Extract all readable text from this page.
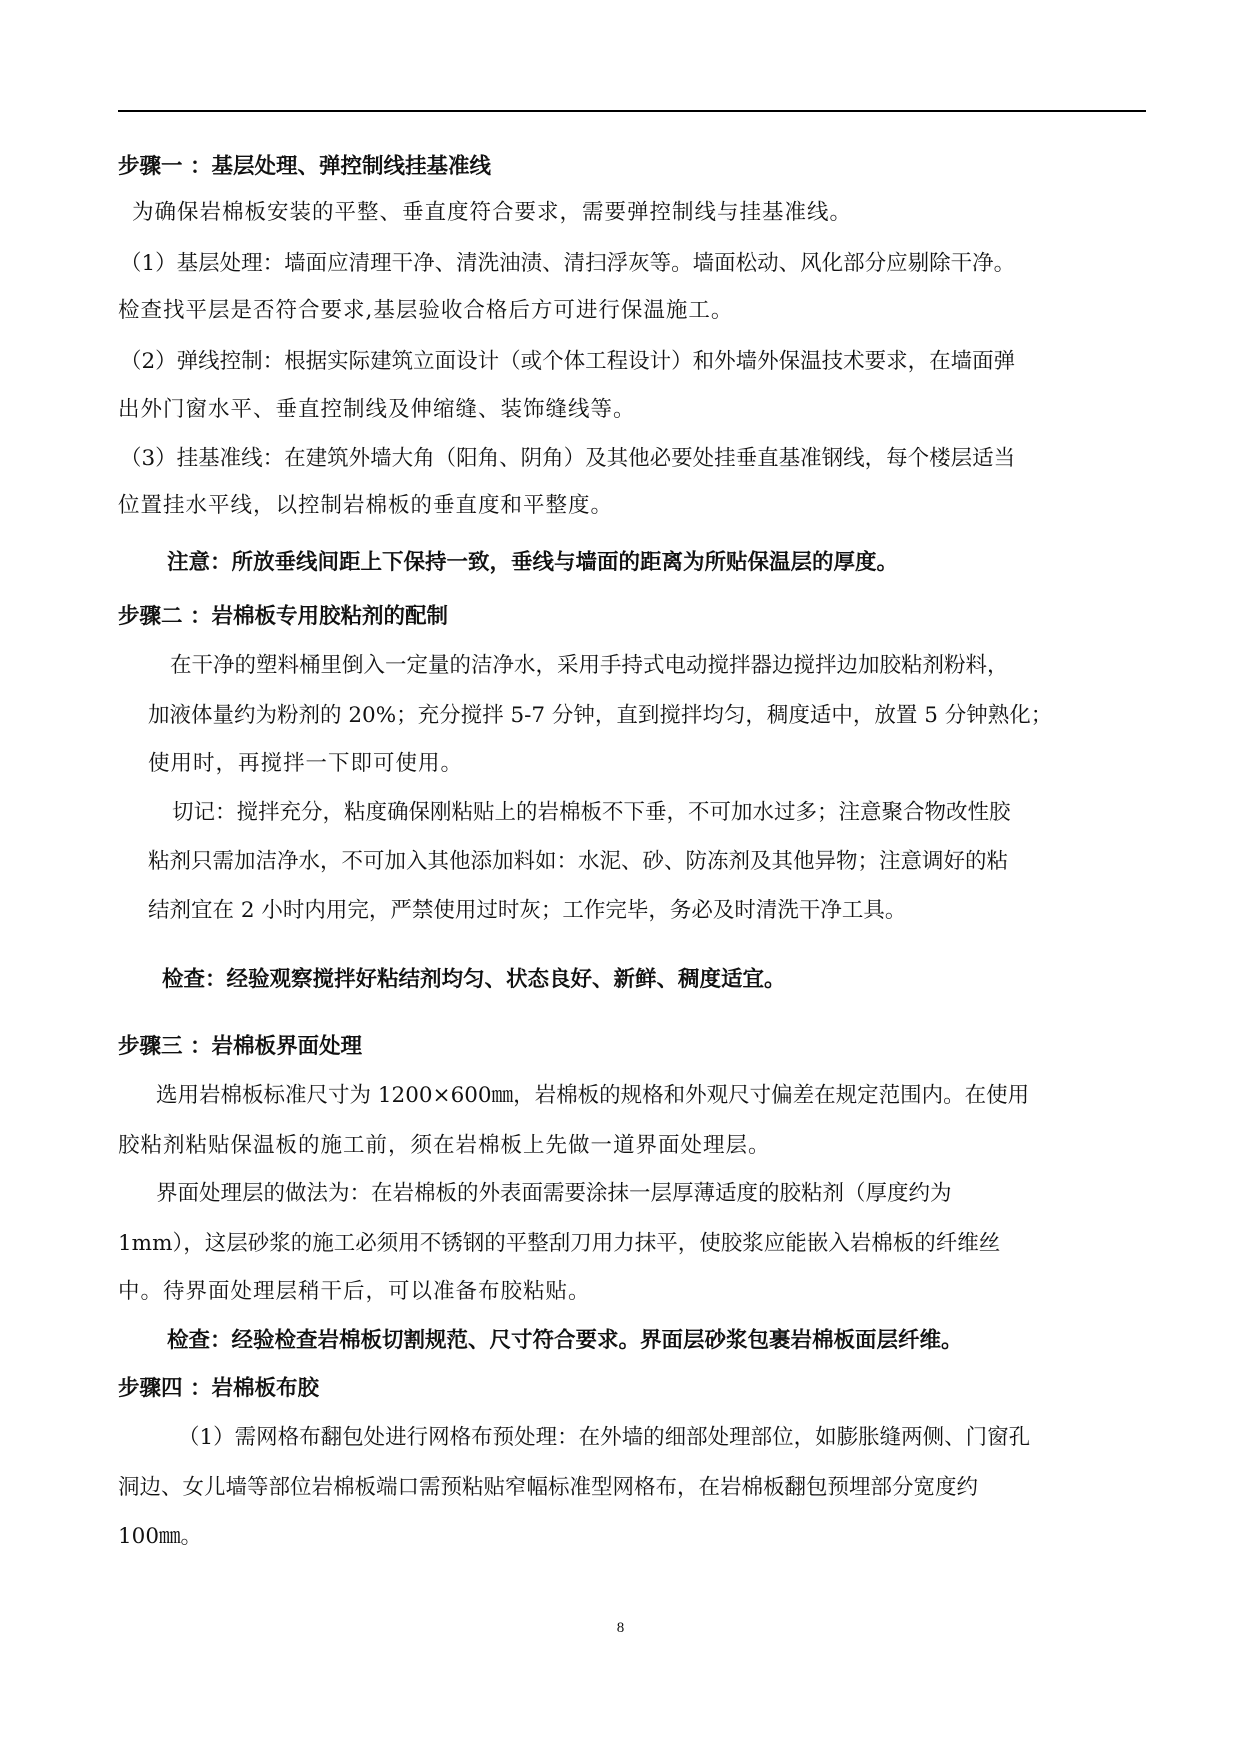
步骤一 ：基层处理、弹控制线挂基准线
为确保岩棉板安装的平整、垂直度符合要求，需要弹控制线与挂基准线。
（1）基层处理：墙面应清理干净、清洗油渍、清扫浮灰等。墙面松动、风化部分应剔除干净。
检查找平层是否符合要求,基层验收合格后方可进行保温施工。
（2）弹线控制：根据实际建筑立面设计（或个体工程设计）和外墙外保温技术要求，在墙面弹
出外门窗水平、垂直控制线及伸缩缝、装饰缝线等。
（3）挂基准线：在建筑外墙大角（阳角、阴角）及其他必要处挂垂直基准钢线，每个楼层适当
位置挂水平线，以控制岩棉板的垂直度和平整度。
注意：所放垂线间距上下保持一致，垂线与墙面的距离为所贴保温层的厚度。
步骤二 ：岩棉板专用胶粘剂的配制
在干净的塑料桶里倒入一定量的洁净水，采用手持式电动搅拌器边搅拌边加胶粘剂粉料，
加液体量约为粉剂的 20%；充分搅拌 5-7 分钟，直到搅拌均匀，稠度适中，放置 5 分钟熟化；
使用时，再搅拌一下即可使用。
切记：搅拌充分，粘度确保刚粘贴上的岩棉板不下垂，不可加水过多；注意聚合物改性胶
粘剂只需加洁净水，不可加入其他添加料如：水泥、砂、防冻剂及其他异物；注意调好的粘
结剂宜在 2 小时内用完，严禁使用过时灰；工作完毕，务必及时清洗干净工具。
检查：经验观察搅拌好粘结剂均匀、状态良好、新鲜、稠度适宜。
步骤三 ：岩棉板界面处理
选用岩棉板标准尺寸为 1200×600㎜，岩棉板的规格和外观尺寸偏差在规定范围内。在使用
胶粘剂粘贴保温板的施工前，须在岩棉板上先做一道界面处理层。
界面处理层的做法为：在岩棉板的外表面需要涂抹一层厚薄适度的胶粘剂（厚度约为
1mm），这层砂浆的施工必须用不锈钢的平整刮刀用力抹平，使胶浆应能嵌入岩棉板的纤维丝
中。待界面处理层稍干后，可以准备布胶粘贴。
检查：经验检查岩棉板切割规范、尺寸符合要求。界面层砂浆包裹岩棉板面层纤维。
步骤四 ：岩棉板布胶
（1）需网格布翻包处进行网格布预处理：在外墙的细部处理部位，如膨胀缝两侧、门窗孔
洞边、女儿墙等部位岩棉板端口需预粘贴窄幅标准型网格布，在岩棉板翻包预埋部分宽度约
100㎜。
8
